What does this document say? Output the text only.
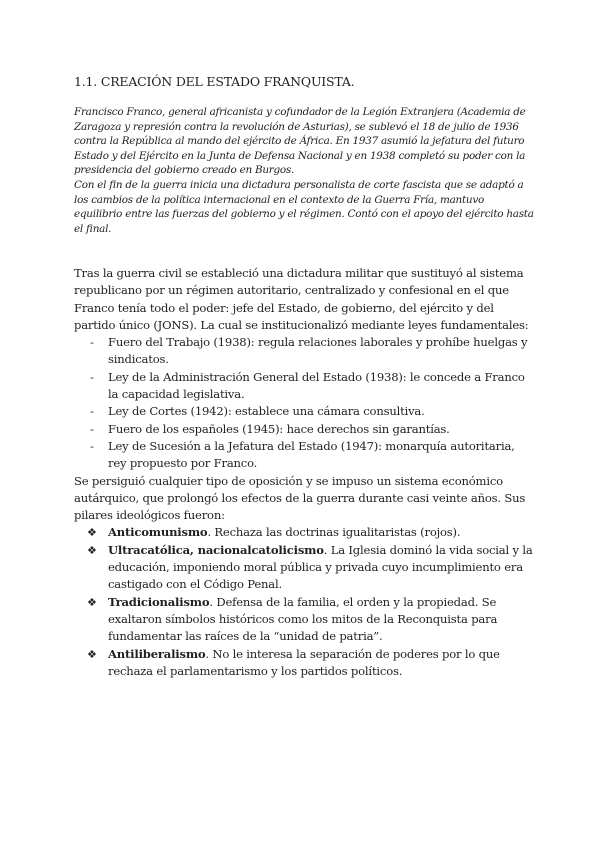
1.1. CREACIÓN DEL ESTADO FRANQUISTA.

Francisco Franco, general africanista y cofundador de la Legión Extranjera (Academia de Zaragoza y represión contra la revolución de Asturias), se sublevó el 18 de julio de 1936 contra la República al mando del ejército de África. En 1937 asumió la jefatura del futuro Estado y del Ejército en la Junta de Defensa Nacional y en 1938 completó su poder con la presidencia del gobierno creado en Burgos.

Con el fin de la guerra inicia una dictadura personalista de corte fascista que se adaptó a los cambios de la política internacional en el contexto de la Guerra Fría, mantuvo equilibrio entre las fuerzas del gobierno y el régimen. Contó con el apoyo del ejército hasta el final.

Tras la guerra civil se estableció una dictadura militar que sustituyó al sistema republicano por un régimen autoritario, centralizado y confesional en el que Franco tenía todo el poder: jefe del Estado, de gobierno, del ejército y del partido único (JONS). La cual se institucionalizó mediante leyes fundamentales:

- Fuero del Trabajo (1938): regula relaciones laborales y prohíbe huelgas y sindicatos.
- Ley de la Administración General del Estado (1938): le concede a Franco la capacidad legislativa.
- Ley de Cortes (1942): establece una cámara consultiva.
- Fuero de los españoles (1945): hace derechos sin garantías.
- Ley de Sucesión a la Jefatura del Estado (1947): monarquía autoritaria, rey propuesto por Franco.

Se persiguió cualquier tipo de oposición y se impuso un sistema económico autárquico, que prolongó los efectos de la guerra durante casi veinte años. Sus pilares ideológicos fueron:

❖ Anticomunismo. Rechaza las doctrinas igualitaristas (rojos).
❖ Ultracatólica, nacionalcatolicismo. La Iglesia dominó la vida social y la educación, imponiendo moral pública y privada cuyo incumplimiento era castigado con el Código Penal.
❖ Tradicionalismo. Defensa de la familia, el orden y la propiedad. Se exaltaron símbolos históricos como los mitos de la Reconquista para fundamentar las raíces de la “unidad de patria”.
❖ Antiliberalismo. No le interesa la separación de poderes por lo que rechaza el parlamentarismo y los partidos políticos.
